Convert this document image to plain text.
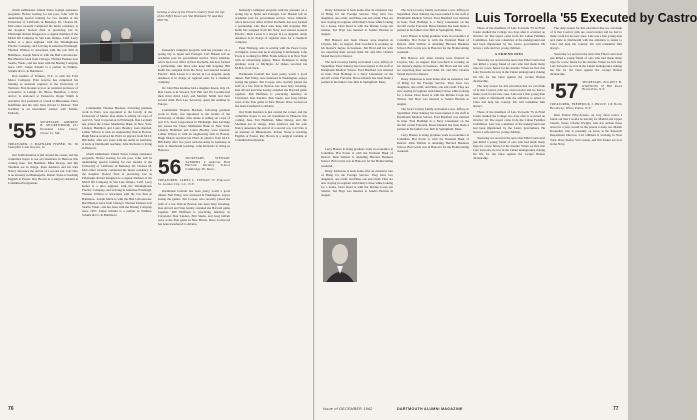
which administers United States foreign assistance programs. Before leaving for his post, John will be undertaking special training for two months at the University of California in Berkeley. Dr. Charles M. McCormer recently completed his intern residency at the hospital. Robert Zinn is practicing law in Pittsburgh. Robert Kingston is a regular member of the Mobil Oil Company in San Luis Obispo, Calif. Larry Keller is a pilot engineer with the Westinghouse Electric Company, and is living in suburban Pittsburgh. Thomas Wallace is associated with the law firm in Baltimore. Joseph Mack is with the Bell Laboratories. Burt Blum is back from Chicago. Thomas Paulsen is in Seattle, Wash., and has been with the Boeing Company since 1957. James Schultz is a partner in Wilkins-Schultz & Co. in Baltimore.

Don Guthrie of Yonkers, N.Y., is with the Ford Motor Company. Fritz Gaydos has completed his training as assistant registrar at the University of Vermont. Fred Rourke is now an assistant professor of economics at Lehigh. Dr. Bruce Hamilton, a Navy doctor, is stationed at Pensacola. Roger Smith is executive vice president of a bank in Milwaukee. Dave Kauffman and his wife have moved to Denver. Tom Gardiner is an investment adviser with Kidder, Peabody.

'55	SECRETARY, ANDREW B. MCGREWROOK 251 President Lane Chevy Chase 15, Md.
TREASURER, J. MAYNARD FISHER, JR. 36 Sunnyhill Lane Dayton, O.

Our Tenth Reunion is just around the corner, and the committee hopes to see all classmates in Hanover this coming June. Ted Hamblen, Mike Dewey, and Jim Sherman are in charge. Peter Andrews and his wife Nancy announce the arrival of a second son. Carl Otto is an attorney in Minneapolis. Robert Stone is teaching English at Exeter. Ray Brown is a surgical resident at Columbia-Presbyterian.

Commander Thomas Brackett, following graduate work in Paris, was appointed to the faculty of the University of Maine. Don Abele is selling oil crops of real U.S. Steel Corporation in Pittsburgh. Dan Levitsky has joined the Chase Manhattan Bank in New York. Lindsay Hamilton and Laura Bradley were married. Luther Wilson is with an engineering firm in Boston. Hugh Moran received his Ph.D. in physics from M.I.T. Bill Kelly, after two years with the Army in Germany, is back at Dartmouth teaching. John Richards is living in Hanover.

which administers United States foreign assistance programs. Before leaving for his post, John will be undertaking special training for two months at the University of California in Berkeley. Dr. Charles M. McCormer recently completed his intern residency at the hospital. Robert Zinn is practicing law in Pittsburgh. Robert Kingston is a regular member of the Mobil Oil Company in San Luis Obispo, Calif. Larry Keller is a pilot engineer with the Westinghouse Electric Company, and is living in suburban Pittsburgh. Thomas Wallace is associated with the law firm in Baltimore. Joseph Mack is with the Bell Laboratories. Burt Blum is back from Chicago. Thomas Paulsen is in Seattle, Wash., and has been with the Boeing Company since 1957. James Schultz is a partner in Wilkins-Schultz & Co. in Baltimore.

Getting a view of the French country from the top of the Eiffel Tower are Von Hubbard '55 and Roy Mill '56.

Kennedy's bilingual program with his pleasure on a spring trip to Spain and Portugal. Carl Hansen left an academic post for government service. Steve Albenda, who's had a law office in New Rochelle, has now formed a partnership. Our three sons keep him hopping. Bill Keith has resigned from the Navy and entered General Electric. Dick Lesser is a lawyer in Los Angeles. Andy Atkinson is in charge of regional sales for a chemical company.

Dr. John Pike Kreitner had a daughter Karen, July 16. Bob Grant is in Seward, N.Y. Bill and Pat Coombs had their third child. Larry and Marilyn Smith had their second child. Bob Lee, Secretary, spent the summer in Europe.

Commander Thomas Brackett, following graduate work in Paris, was appointed to the faculty of the University of Maine. Don Abele is selling oil crops of real U.S. Steel Corporation in Pittsburgh. Dan Levitsky has joined the Chase Manhattan Bank in New York. Lindsay Hamilton and Laura Bradley were married. Luther Wilson is with an engineering firm in Boston. Hugh Moran received his Ph.D. in physics from M.I.T. Bill Kelly, after two years with the Army in Germany, is back at Dartmouth teaching. John Richards is living in Hanover.

56	SECRETARY, STEWART SANDERS 2 Andover Hall Harvard Divinity School Cambridge 38, Mass.
TREASURER, JAMES L. FINNAN 70 Princeton St. Garden City, L.I., N.Y.

Dartmouth football has been pretty worth a good dinner. Neil Wiley, now stationed in Washington, enjoys seeing the games. Jim Cooper, who recently joined the staff of a law firm in Boston, has been busy traveling. Ken Alvord and Stan Gurley attended the Harvard game together. Bill Huffman is practicing dentistry in Cleveland. Don Sanders, Bob Steele, and Greg Gillam were at the Yale game in New Haven. Dave Lockwood has been transferred to Atlanta.

Kennedy's bilingual program with his pleasure on a spring trip to Spain and Portugal. Carl Hansen left an academic post for government service. Steve Albenda, who's had a law office in New Rochelle, has now formed a partnership. Our three sons keep him hopping. Bill Keith has resigned from the Navy and entered General Electric. Dick Lesser is a lawyer in Los Angeles. Andy Atkinson is in charge of regional sales for a chemical company.

Peter Fishberg, who is serving with the Peace Corps in Nigeria, writes that he is enjoying it immensely. John Poole is working for IBM. Frank Allison is in New York with an advertising agency. Bruce Thompson is doing graduate work at Michigan. Al Oakes received his M.B.A. from Tuck.

Dartmouth football has been pretty worth a good dinner. Neil Wiley, now stationed in Washington, enjoys seeing the games. Jim Cooper, who recently joined the staff of a law firm in Boston, has been busy traveling. Ken Alvord and Stan Gurley attended the Harvard game together. Bill Huffman is practicing dentistry in Cleveland. Don Sanders, Bob Steele, and Greg Gillam were at the Yale game in New Haven. Dave Lockwood has been transferred to Atlanta.

Our Tenth Reunion is just around the corner, and the committee hopes to see all classmates in Hanover this coming June. Ted Hamblen, Mike Dewey, and Jim Sherman are in charge. Peter Andrews and his wife Nancy announce the arrival of a second son. Carl Otto is an attorney in Minneapolis. Robert Stone is teaching English at Exeter. Ray Brown is a surgical resident at Columbia-Presbyterian.

76

Dusty Johnstone is back home after an extensive tour of Bring for the Foreign Service. They have two daughters, one a half, and Hans, one and a half. They are now staying in Leghorn with Dusty's three while looking for a house. Dave Reed is with the Marine Corps Air Station. Ted Hoyt was married to Sandra Herrick in August.

Bill Hanson and Janet Owens were married in Clayton, Mo., in August. Paul Goodrich is working on his master's degree in business. Jim Herd and his wife are expecting their second child. Dr. and Mrs. Charles Strand moved to Denver.

The Jack Crowley family welcomed a son, Jeffrey, in September. Peter Kinsley has been named to the staff at Dartmouth Medical School. Fred Bradford was married in June. Fred Hollidge is a Navy Lieutenant on the aircraft carrier Forrestal. Bruce Daniels has been made a partner in his father's law firm in Springfield, Mass.

Larry Hauser is doing graduate work in economics at Columbia. Hal Porter is with the National Bank of Detroit. Dick Webber is attending Harvard Business School. Bob Lewis was in Hanover for the Homecoming weekend.

Dusty Johnstone is back home after an extensive tour of Bring for the Foreign Service. They have two daughters, one a half, and Hans, one and a half. They are now staying in Leghorn with Dusty's three while looking for a house. Dave Reed is with the Marine Corps Air Station. Ted Hoyt was married to Sandra Herrick in August.

Luis Torroella '55 Executed by Castro

The Jack Crowley family welcomed a son, Jeffrey, in September. Peter Kinsley has been named to the staff at Dartmouth Medical School. Fred Bradford was married in June. Fred Hollidge is a Navy Lieutenant on the aircraft carrier Forrestal. Bruce Daniels has been made a partner in his father's law firm in Springfield, Mass.

Larry Hauser is doing graduate work in economics at Columbia. Hal Porter is with the National Bank of Detroit. Dick Webber is attending Harvard Business School. Bob Lewis was in Hanover for the Homecoming weekend.

Bill Hanson and Janet Owens were married in Clayton, Mo., in August. Paul Goodrich is working on his master's degree in business. Jim Herd and his wife are expecting their second child. Dr. and Mrs. Charles Strand moved to Denver.

Dusty Johnstone is back home after an extensive tour of Bring for the Foreign Service. They have two daughters, one a half, and Hans, one and a half. They are now staying in Leghorn with Dusty's three while looking for a house. Dave Reed is with the Marine Corps Air Station. Ted Hoyt was married to Sandra Herrick in August.

The Jack Crowley family welcomed a son, Jeffrey, in September. Peter Kinsley has been named to the staff at Dartmouth Medical School. Fred Bradford was married in June. Fred Hollidge is a Navy Lieutenant on the aircraft carrier Forrestal. Bruce Daniels has been made a partner in his father's law firm in Springfield, Mass.

Larry Hauser is doing graduate work in economics at Columbia. Hal Porter is with the National Bank of Detroit. Dick Webber is attending Harvard Business School. Bob Lewis was in Hanover for the Homecoming weekend.

Those of the members of Luis Torroella '55 in Fidel Castro studied the College two days after it occurred on October 10. The report came from the Cuban Families Committee. Luis was a member of the underground and had been imprisoned by the Castro government. He leaves a wife and two young children.

A FRIEND DIES

Yesterday we received the news that Fidel Castro had just killed a young friend of ours who had made many trips for a new future for his dreams. When we first met Luis Torroella, he was in the Cuban underground, risking his life for the ideal against the corrupt Batista dictatorship.

The only reason for this execution that we can think of is that Castro's jails are overcrowded and he had to make room for the new ones. Luis was a fine young man and came to Dartmouth with the ambition to return to Cuba and help his country. We will remember him always.

Those of the members of Luis Torroella '55 in Fidel Castro studied the College two days after it occurred on October 10. The report came from the Cuban Families Committee. Luis was a member of the underground and had been imprisoned by the Castro government. He leaves a wife and two young children.

Yesterday we received the news that Fidel Castro had just killed a young friend of ours who had made many trips for a new future for his dreams. When we first met Luis Torroella, he was in the Cuban underground, risking his life for the ideal against the corrupt Batista dictatorship.

The only reason for this execution that we can think of is that Castro's jails are overcrowded and he had to make room for the new ones. Luis was a fine young man and came to Dartmouth with the ambition to return to Cuba and help his country. We will remember him always.

Yesterday we received the news that Fidel Castro had just killed a young friend of ours who had made many trips for a new future for his dreams. When we first met Luis Torroella, he was in the Cuban underground, risking his life for the ideal against the corrupt Batista dictatorship.

'57	SECRETARY, ELLIOTT B. KNOWLES 37 Hill Road Bronxville, N.Y.
TREASURER, FREDERICK J. BRUCE 119 North Broadway, White Plains, N.Y.

Dear Fellow Fifty-Sevens, on very short notice I found out that I would be leaving for Madrid and Upper Cheam, Texas. Charlie Dwight, who has written these notes for a year, would be the person to help out. Martin Rosenthal, who is presently on leave, is the Research Department Director. Carl Ohlman is working in New York. Dave Shafer, Sid Carsten, and Jim Parker are now in the Navy.

DARTMOUTH ALUMNI MAGAZINE
Issue of DECEMBER 1962	77
